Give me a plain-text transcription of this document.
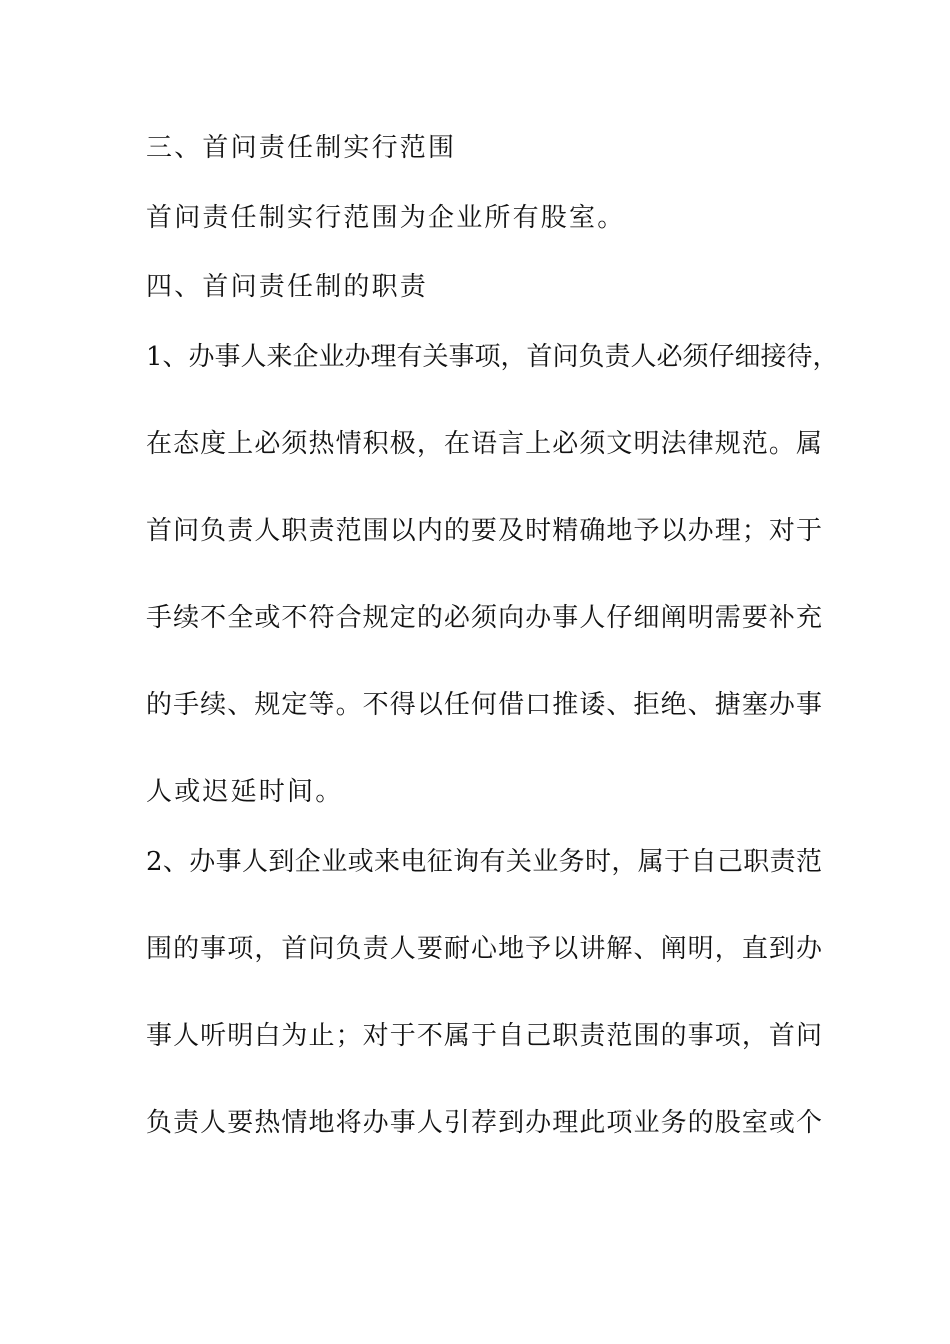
三、首问责任制实行范围

首问责任制实行范围为企业所有股室。

四、首问责任制的职责

1、办事人来企业办理有关事项，首问负责人必须仔细接待，

在态度上必须热情积极，在语言上必须文明法律规范。属

首问负责人职责范围以内的要及时精确地予以办理；对于

手续不全或不符合规定的必须向办事人仔细阐明需要补充

的手续、规定等。不得以任何借口推诿、拒绝、搪塞办事

人或迟延时间。

2、办事人到企业或来电征询有关业务时，属于自己职责范

围的事项，首问负责人要耐心地予以讲解、阐明，直到办

事人听明白为止；对于不属于自己职责范围的事项，首问

负责人要热情地将办事人引荐到办理此项业务的股室或个
